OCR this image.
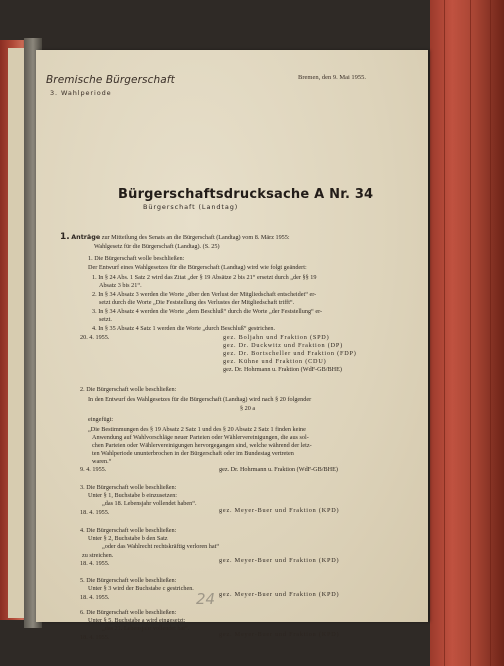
Bremische Bürgerschaft
3. Wahlperiode
Bremen, den 9. Mai 1955.
Bürgerschaftsdrucksache A Nr. 34
Bürgerschaft (Landtag)
1. Anträge zur Mitteilung des Senats an die Bürgerschaft (Landtag) vom 8. März 1955:
Wahlgesetz für die Bürgerschaft (Landtag). (S. 25)
1. Die Bürgerschaft wolle beschließen:
Der Entwurf eines Wahlgesetzes für die Bürgerschaft (Landtag) wird wie folgt geändert:
1. In § 24 Abs. 1 Satz 2 wird das Zitat „der § 19 Absätze 2 bis 21“ ersetzt durch „der §§ 19
Absatz 3 bis 21“.
2. In § 34 Absatz 3 werden die Worte „über den Verlust der Mitgliedschaft entscheidet“ er-
setzt durch die Worte „Die Feststellung des Verlustes der Mitgliedschaft trifft“.
3. In § 34 Absatz 4 werden die Worte „dem Beschluß“ durch die Worte „der Feststellung“ er-
setzt.
4. In § 35 Absatz 4 Satz 1 werden die Worte „durch Beschluß“ gestrichen.
20. 4. 1955.	gez. Boljahn und Fraktion (SPD)
gez. Dr. Duckwitz und Fraktion (DP)
gez. Dr. Bortscheller und Fraktion (FDP)
gez. Kühne und Fraktion (CDU)
gez. Dr. Hohrmann u. Fraktion (WdF-GB/BHE)
2. Die Bürgerschaft wolle beschließen:
In den Entwurf des Wahlgesetzes für die Bürgerschaft (Landtag) wird nach § 20 folgender
§ 20 a
eingefügt:
„Die Bestimmungen des § 19 Absatz 2 Satz 1 und des § 20 Absatz 2 Satz 1 finden keine
Anwendung auf Wahlvorschläge neuer Parteien oder Wählervereinigungen, die aus sol-
chen Parteien oder Wählervereinigungen hervorgegangen sind, welche während der letz-
ten Wahlperiode ununterbrochen in der Bürgerschaft oder im Bundestag vertreten
waren.“
9. 4. 1955.	gez. Dr. Hohrmann u. Fraktion (WdF-GB/BHE)
3. Die Bürgerschaft wolle beschließen:
Unter § 1, Buchstabe b einzusetzen:
„das 18. Lebensjahr vollendet haben“.
18. 4. 1955.	gez. Meyer-Buer und Fraktion (KPD)
4. Die Bürgerschaft wolle beschließen:
Unter § 2, Buchstabe b den Satz
„oder das Wahlrecht rechtskräftig verloren hat“
zu streichen.
18. 4. 1955.	gez. Meyer-Buer und Fraktion (KPD)
5. Die Bürgerschaft wolle beschließen:
Unter § 3 wird der Buchstabe c gestrichen.
18. 4. 1955.	gez. Meyer-Buer und Fraktion (KPD)
6. Die Bürgerschaft wolle beschließen:
Unter § 5, Buchstabe a wird eingesetzt:
„das 21. Lebensjahr vollendet hat“.
18. 4. 1955.	gez. Meyer-Buer und Fraktion (KPD)
24
